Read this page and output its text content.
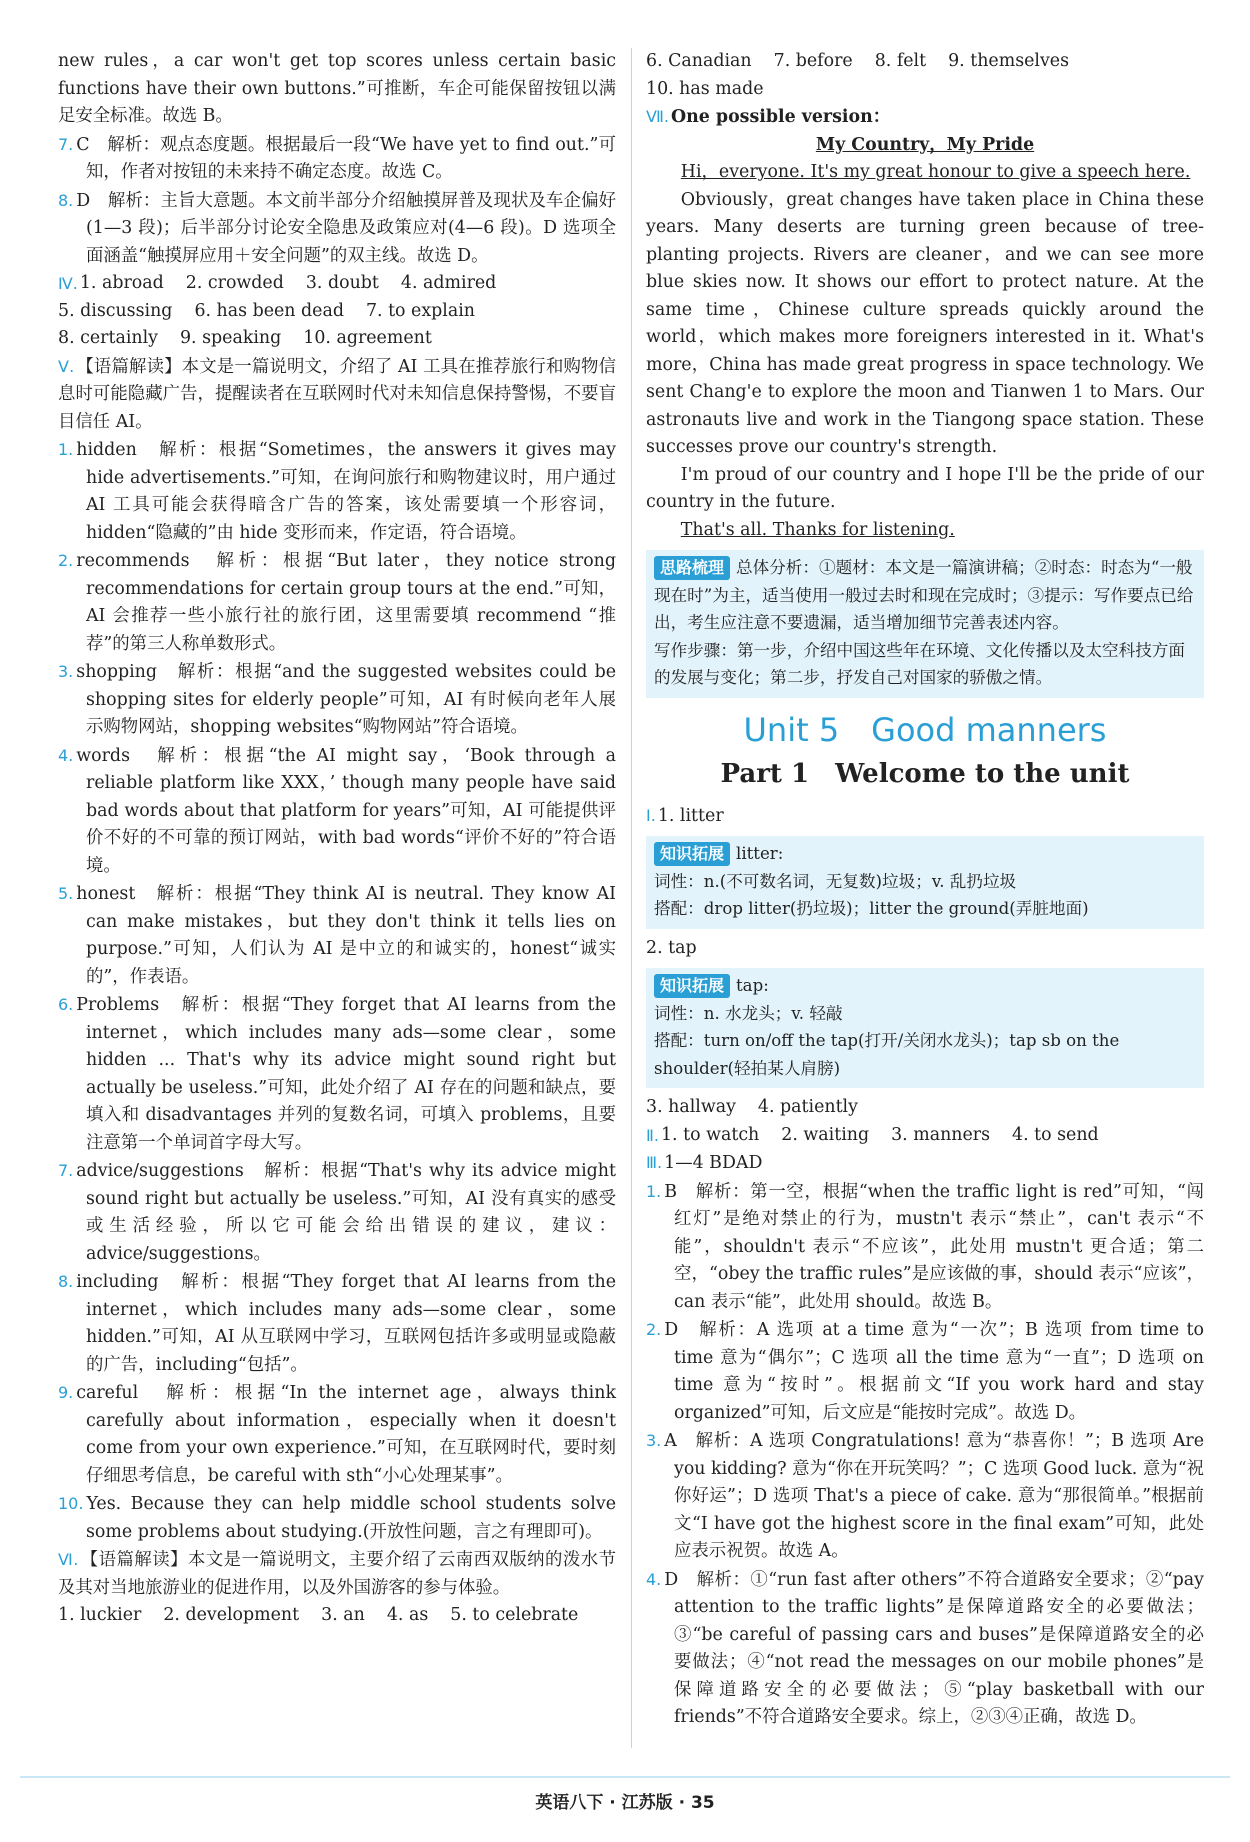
new rules，a car won't get top scores unless certain basic functions have their own buttons.”可推断，车企可能保留按钮以满足安全标准。故选 B。

7. C　解析：观点态度题。根据最后一段“We have yet to find out.”可知，作者对按钮的未来持不确定态度。故选 C。

8. D　解析：主旨大意题。本文前半部分介绍触摸屏普及现状及车企偏好(1—3 段)；后半部分讨论安全隐患及政策应对(4—6 段)。D 选项全面涵盖“触摸屏应用＋安全问题”的双主线。故选 D。

Ⅳ. 1. abroad 2. crowded 3. doubt 4. admired
5. discussing 6. has been dead 7. to explain
8. certainly 9. speaking 10. agreement

Ⅴ. 【语篇解读】本文是一篇说明文，介绍了 AI 工具在推荐旅行和购物信息时可能隐藏广告，提醒读者在互联网时代对未知信息保持警惕，不要盲目信任 AI。

1. hidden　解析：根据“Sometimes，the answers it gives may hide advertisements.”可知，在询问旅行和购物建议时，用户通过 AI 工具可能会获得暗含广告的答案，该处需要填一个形容词，hidden“隐藏的”由 hide 变形而来，作定语，符合语境。

2. recommends　解析：根据“But later，they notice strong recommendations for certain group tours at the end.”可知，AI 会推荐一些小旅行社的旅行团，这里需要填 recommend “推荐”的第三人称单数形式。

3. shopping　解析：根据“and the suggested websites could be shopping sites for elderly people”可知，AI 有时候向老年人展示购物网站，shopping websites“购物网站”符合语境。

4. words　解析：根据“the AI might say，‘Book through a reliable platform like XXX，’ though many people have said bad words about that platform for years”可知，AI 可能提供评价不好的不可靠的预订网站，with bad words“评价不好的”符合语境。

5. honest　解析：根据“They think AI is neutral. They know AI can make mistakes，but they don't think it tells lies on purpose.”可知，人们认为 AI 是中立的和诚实的，honest“诚实的”，作表语。

6. Problems　解析：根据“They forget that AI learns from the internet，which includes many ads—some clear，some hidden ... That's why its advice might sound right but actually be useless.”可知，此处介绍了 AI 存在的问题和缺点，要填入和 disadvantages 并列的复数名词，可填入 problems，且要注意第一个单词首字母大写。

7. advice/suggestions　解析：根据“That's why its advice might sound right but actually be useless.”可知，AI 没有真实的感受或生活经验，所以它可能会给出错误的建议，建议：advice/suggestions。

8. including　解析：根据“They forget that AI learns from the internet，which includes many ads—some clear，some hidden.”可知，AI 从互联网中学习，互联网包括许多或明显或隐蔽的广告，including“包括”。

9. careful　解析：根据“In the internet age，always think carefully about information，especially when it doesn't come from your own experience.”可知，在互联网时代，要时刻仔细思考信息，be careful with sth“小心处理某事”。

10. Yes. Because they can help middle school students solve some problems about studying.(开放性问题，言之有理即可)。

Ⅵ. 【语篇解读】本文是一篇说明文，主要介绍了云南西双版纳的泼水节及其对当地旅游业的促进作用，以及外国游客的参与体验。

1. luckier 2. development 3. an 4. as 5. to celebrate
6. Canadian 7. before 8. felt 9. themselves
10. has made

Ⅶ. One possible version：

My Country，My Pride

Hi，everyone. It's my great honour to give a speech here.

Obviously，great changes have taken place in China these years. Many deserts are turning green because of tree-planting projects. Rivers are cleaner，and we can see more blue skies now. It shows our effort to protect nature. At the same time，Chinese culture spreads quickly around the world，which makes more foreigners interested in it. What's more，China has made great progress in space technology. We sent Chang'e to explore the moon and Tianwen 1 to Mars. Our astronauts live and work in the Tiangong space station. These successes prove our country's strength.

I'm proud of our country and I hope I'll be the pride of our country in the future.

That's all. Thanks for listening.

思路梳理 总体分析：①题材：本文是一篇演讲稿；②时态：时态为“一般现在时”为主，适当使用一般过去时和现在完成时；③提示：写作要点已给出，考生应注意不要遗漏，适当增加细节完善表述内容。
写作步骤：第一步，介绍中国这些年在环境、文化传播以及太空科技方面的发展与变化；第二步，抒发自己对国家的骄傲之情。
Unit 5　Good manners
Part 1　Welcome to the unit

Ⅰ. 1. litter

知识拓展 litter:
词性：n.(不可数名词，无复数)垃圾；v. 乱扔垃圾
搭配：drop litter(扔垃圾)；litter the ground(弄脏地面)

2. tap

知识拓展 tap:
词性：n. 水龙头；v. 轻敲
搭配：turn on/off the tap(打开/关闭水龙头)；tap sb on the shoulder(轻拍某人肩膀)
3. hallway 4. patiently
Ⅱ. 1. to watch 2. waiting 3. manners 4. to send

Ⅲ. 1—4 BDAD

1. B　解析：第一空，根据“when the traffic light is red”可知，“闯红灯”是绝对禁止的行为，mustn't 表示“禁止”，can't 表示“不能”，shouldn't 表示“不应该”，此处用 mustn't 更合适；第二空，“obey the traffic rules”是应该做的事，should 表示“应该”，can 表示“能”，此处用 should。故选 B。

2. D　解析：A 选项 at a time 意为“一次”；B 选项 from time to time 意为“偶尔”；C 选项 all the time 意为“一直”；D 选项 on time 意为“按时”。根据前文“If you work hard and stay organized”可知，后文应是“能按时完成”。故选 D。

3. A　解析：A 选项 Congratulations! 意为“恭喜你！”；B 选项 Are you kidding? 意为“你在开玩笑吗？”；C 选项 Good luck. 意为“祝你好运”；D 选项 That's a piece of cake. 意为“那很简单。”根据前文“I have got the highest score in the final exam”可知，此处应表示祝贺。故选 A。

4. D　解析：①“run fast after others”不符合道路安全要求；②“pay attention to the traffic lights”是保障道路安全的必要做法；③“be careful of passing cars and buses”是保障道路安全的必要做法；④“not read the messages on our mobile phones”是保障道路安全的必要做法；⑤“play basketball with our friends”不符合道路安全要求。综上，②③④正确，故选 D。

英语八下 · 江苏版 · 35
